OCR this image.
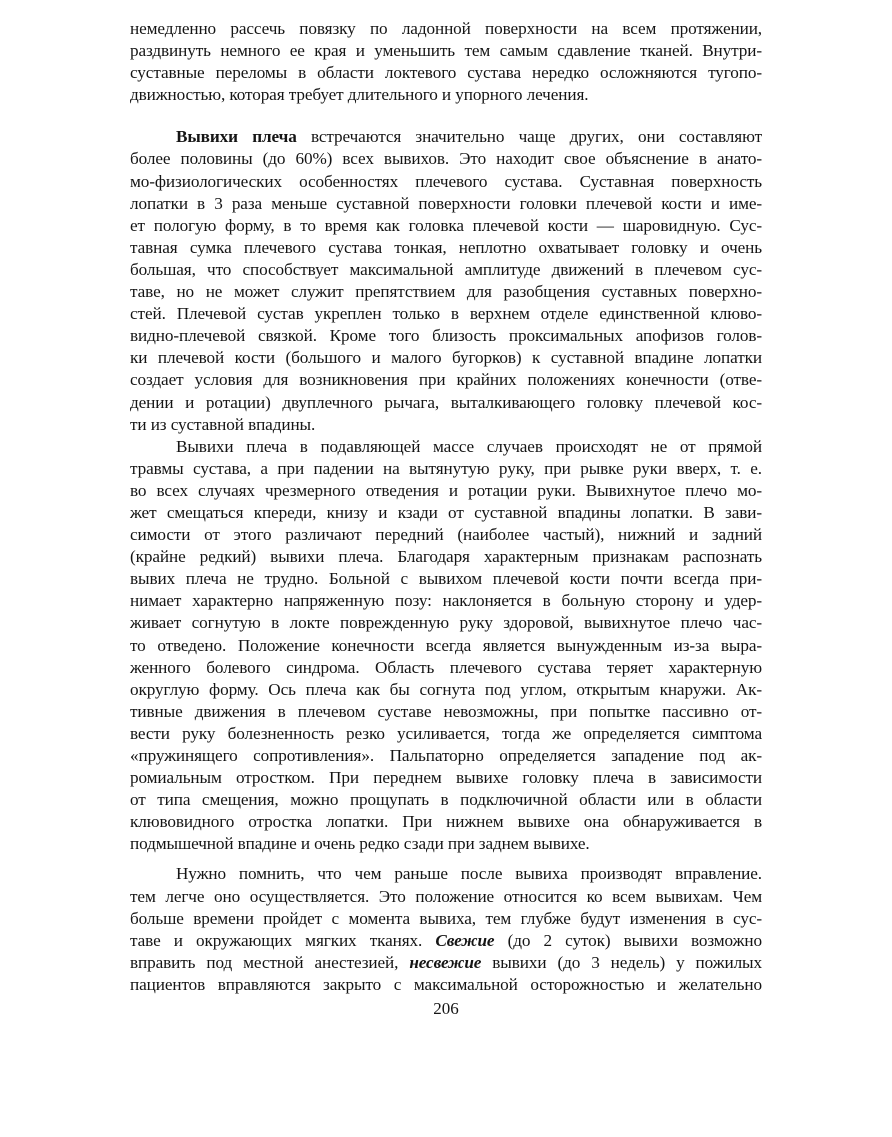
немедленно рассечь повязку по ладонной поверхности на всем протяжении,
раздвинуть немного ее края и уменьшить тем самым сдавление тканей. Внутри-
суставные переломы в области локтевого сустава нередко осложняются тугопо-
движностью, которая требует длительного и упорного лечения.
Вывихи плеча встречаются значительно чаще других, они составляют
более половины (до 60%) всех вывихов. Это находит свое объяснение в анато-
мо-физиологических особенностях плечевого сустава. Суставная поверхность
лопатки в 3 раза меньше суставной поверхности головки плечевой кости и име-
ет пологую форму, в то время как головка плечевой кости — шаровидную. Сус-
тавная сумка плечевого сустава тонкая, неплотно охватывает головку и очень
большая, что способствует максимальной амплитуде движений в плечевом сус-
таве, но не может служит препятствием для разобщения суставных поверхно-
стей. Плечевой сустав укреплен только в верхнем отделе единственной клюво-
видно-плечевой связкой. Кроме того близость проксимальных апофизов голов-
ки плечевой кости (большого и малого бугорков) к суставной впадине лопатки
создает условия для возникновения при крайних положениях конечности (отве-
дении и ротации) двуплечного рычага, выталкивающего головку плечевой кос-
ти из суставной впадины.
Вывихи плеча в подавляющей массе случаев происходят не от прямой
травмы сустава, а при падении на вытянутую руку, при рывке руки вверх, т. е.
во всех случаях чрезмерного отведения и ротации руки. Вывихнутое плечо мо-
жет смещаться кпереди, книзу и кзади от суставной впадины лопатки. В зави-
симости от этого различают передний (наиболее частый), нижний и задний
(крайне редкий) вывихи плеча. Благодаря характерным признакам распознать
вывих плеча не трудно. Больной с вывихом плечевой кости почти всегда при-
нимает характерно напряженную позу: наклоняется в больную сторону и удер-
живает согнутую в локте поврежденную руку здоровой, вывихнутое плечо час-
то отведено. Положение конечности всегда является вынужденным из-за выра-
женного болевого синдрома. Область плечевого сустава теряет характерную
округлую форму. Ось плеча как бы согнута под углом, открытым кнаружи. Ак-
тивные движения в плечевом суставе невозможны, при попытке пассивно от-
вести руку болезненность резко усиливается, тогда же определяется симптома
«пружинящего сопротивления». Пальпаторно определяется западение под ак-
ромиальным отростком. При переднем вывихе головку плеча в зависимости
от типа смещения, можно прощупать в подключичной области или в области
клювовидного отростка лопатки. При нижнем вывихе она обнаруживается в
подмышечной впадине и очень редко сзади при заднем вывихе.
Нужно помнить, что чем раньше после вывиха производят вправление.
тем легче оно осуществляется. Это положение относится ко всем вывихам. Чем
больше времени пройдет с момента вывиха, тем глубже будут изменения в сус-
таве и окружающих мягких тканях. Свежие (до 2 суток) вывихи возможно
вправить под местной анестезией, несвежие вывихи (до 3 недель) у пожилых
пациентов вправляются закрыто с максимальной осторожностью и желательно
206
